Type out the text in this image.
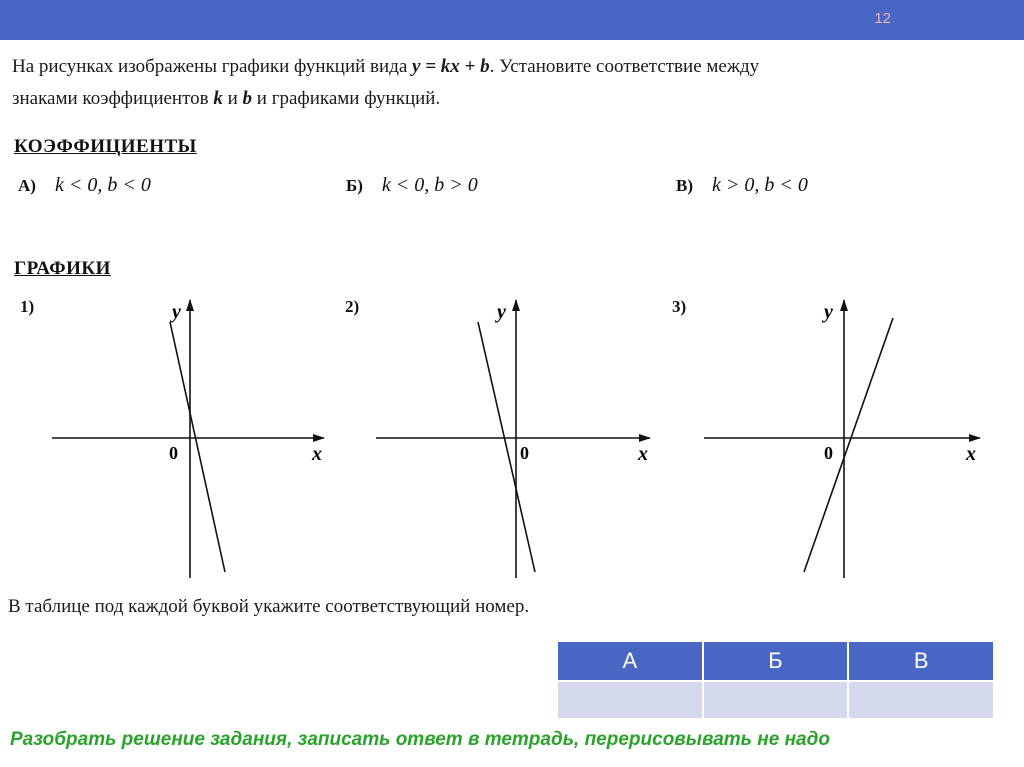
12
На рисунках изображены графики функций вида y = kx + b. Установите соответствие между
знаками коэффициентов k и b и графиками функций.
КОЭФФИЦИЕНТЫ
А) k < 0, b < 0	Б) k < 0, b > 0	В) k > 0, b < 0
ГРАФИКИ
1)	2)	3)
0	x
y
0	x
y
0	x
y
В таблице под каждой буквой укажите соответствующий номер.
А	Б	В

Разобрать решение задания, записать ответ в тетрадь, перерисовывать не надо
